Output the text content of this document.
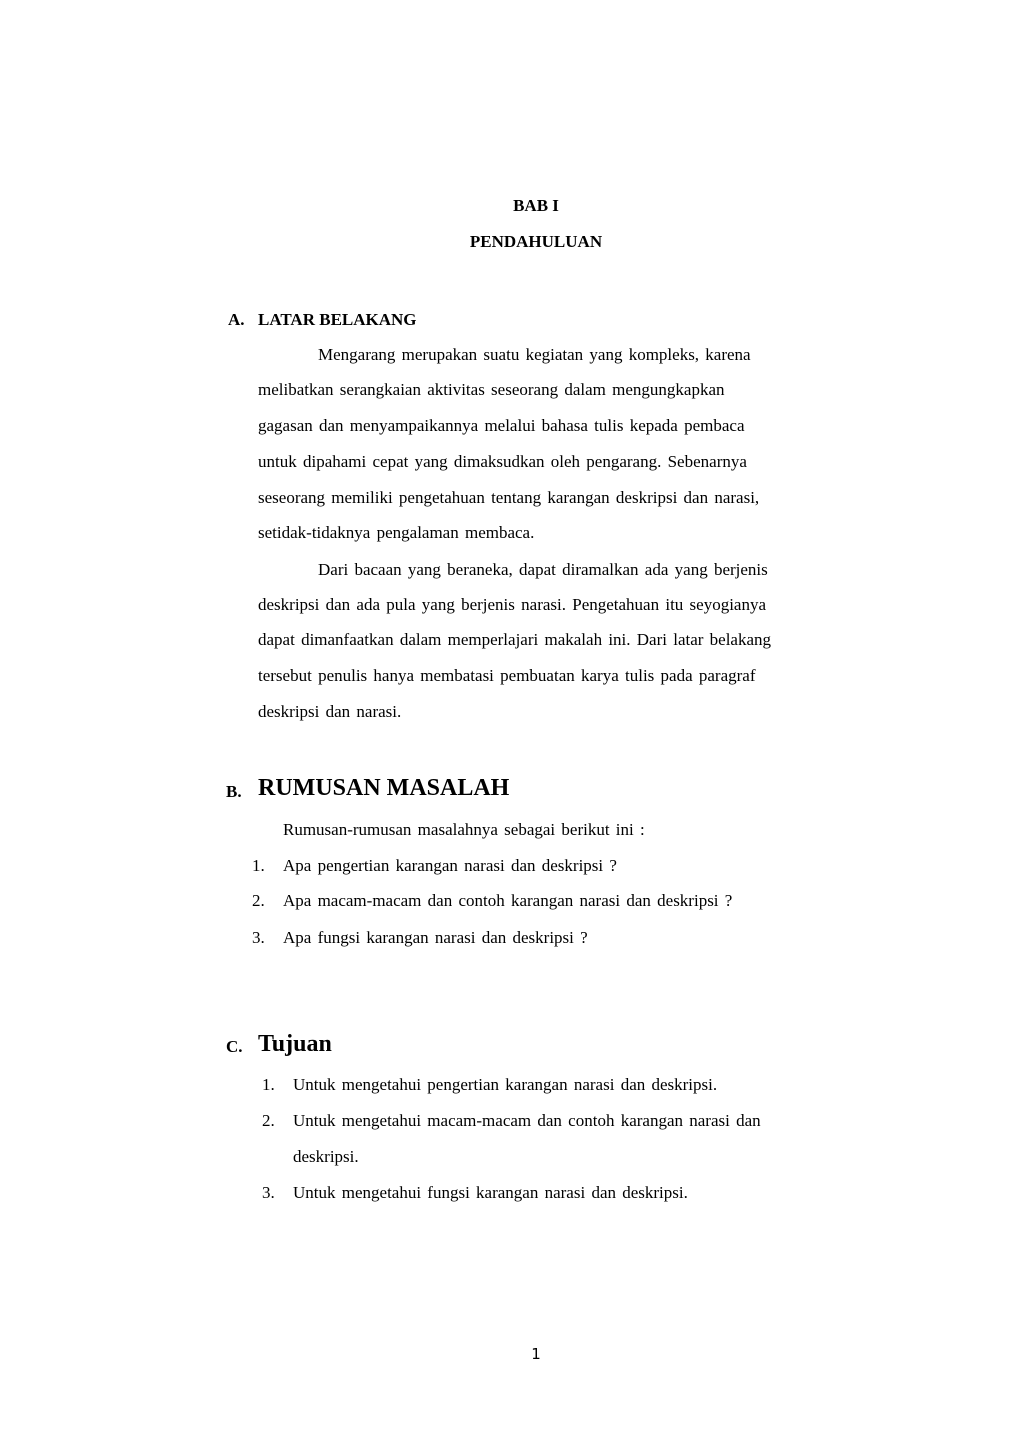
BAB I
PENDAHULUAN
A. LATAR BELAKANG
Mengarang merupakan suatu kegiatan yang kompleks, karena
melibatkan serangkaian aktivitas seseorang dalam mengungkapkan
gagasan dan menyampaikannya melalui bahasa tulis kepada pembaca
untuk dipahami cepat yang dimaksudkan oleh pengarang. Sebenarnya
seseorang memiliki pengetahuan tentang karangan deskripsi dan narasi,
setidak-tidaknya pengalaman membaca.
Dari bacaan yang beraneka, dapat diramalkan ada yang berjenis
deskripsi dan ada pula yang berjenis narasi. Pengetahuan itu seyogianya
dapat dimanfaatkan dalam memperlajari makalah ini. Dari latar belakang
tersebut penulis hanya membatasi pembuatan karya tulis pada paragraf
deskripsi dan narasi.
B. RUMUSAN MASALAH
Rumusan-rumusan masalahnya sebagai berikut ini :
1. Apa pengertian karangan narasi dan deskripsi ?
2. Apa macam-macam dan contoh karangan narasi dan deskripsi ?
3. Apa fungsi karangan narasi dan deskripsi ?
C. Tujuan
1. Untuk mengetahui pengertian karangan narasi dan deskripsi.
2. Untuk mengetahui macam-macam dan contoh karangan narasi dan
deskripsi.
3. Untuk mengetahui fungsi karangan narasi dan deskripsi.
1
